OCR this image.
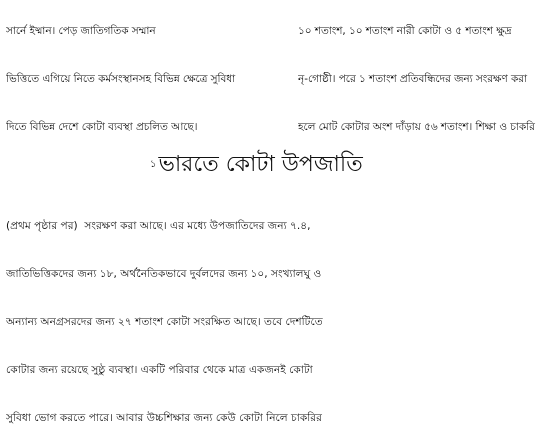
সার্নে ইষ্মান। পেড় জাতিগতিক সম্মান

ভিত্তিতে এগিয়ে নিতে কর্মসংস্থানসহ বিভিন্ন ক্ষেত্রে সুবিধা

দিতে বিভিন্ন দেশে কোটা ব্যবস্থা প্রচলিত আছে।

১০ শতাংশ, ১০ শতাংশ নারী কোটা ও ৫ শতাংশ ক্ষুদ্র

নৃ-গোষ্ঠী। পরে ১ শতাংশ প্রতিবন্ধিদের জন্য সংরক্ষণ করা

হলে মোট কোটার অংশ দাঁড়ায় ৫৬ শতাংশ। শিক্ষা ও চাকরি

$^১$ভারতে কোটা উপজাতি

(প্রথম পৃষ্ঠার পর)  সংরক্ষণ করা আছে। এর মধ্যে উপজাতিদের জন্য ৭.৪,

জাতিভিত্তিকদের জন্য ১৮, অর্থনৈতিকভাবে দুর্বলদের জন্য ১০, সংখ্যালঘু ও

অন্যান্য অনগ্রসরদের জন্য ২৭ শতাংশ কোটা সংরক্ষিত আছে। তবে দেশটিতে

কোটার জন্য রয়েছে সুষ্ঠু ব্যবস্থা। একটি পরিবার থেকে মাত্র একজনই কোটা

সুবিধা ভোগ করতে পারে। আবার উচ্চশিক্ষার জন্য কেউ কোটা নিলে চাকরির
